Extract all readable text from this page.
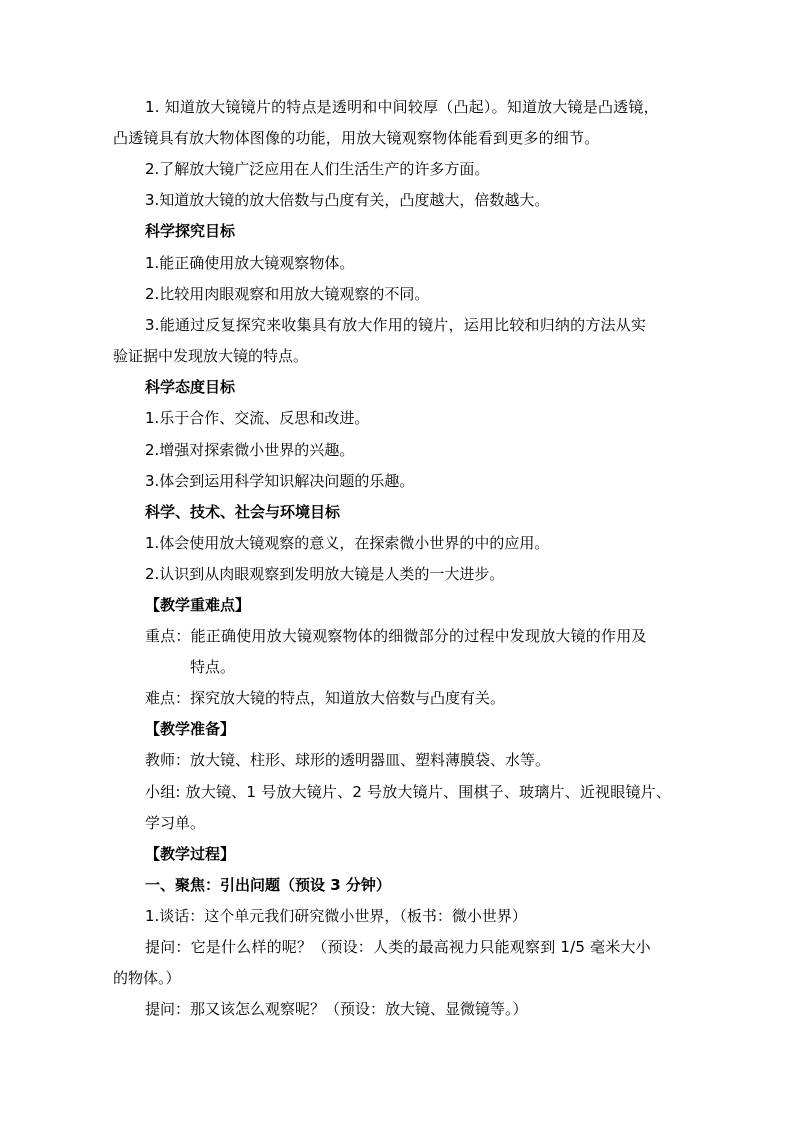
1. 知道放大镜镜片的特点是透明和中间较厚（凸起）。知道放大镜是凸透镜，
凸透镜具有放大物体图像的功能，用放大镜观察物体能看到更多的细节。
2.了解放大镜广泛应用在人们生活生产的许多方面。
3.知道放大镜的放大倍数与凸度有关，凸度越大，倍数越大。
科学探究目标
1.能正确使用放大镜观察物体。
2.比较用肉眼观察和用放大镜观察的不同。
3.能通过反复探究来收集具有放大作用的镜片，运用比较和归纳的方法从实
验证据中发现放大镜的特点。
科学态度目标
1.乐于合作、交流、反思和改进。
2.增强对探索微小世界的兴趣。
3.体会到运用科学知识解决问题的乐趣。
科学、技术、社会与环境目标
1.体会使用放大镜观察的意义，在探索微小世界的中的应用。
2.认识到从肉眼观察到发明放大镜是人类的一大进步。
【教学重难点】
重点：能正确使用放大镜观察物体的细微部分的过程中发现放大镜的作用及
特点。
难点：探究放大镜的特点，知道放大倍数与凸度有关。
【教学准备】
教师：放大镜、柱形、球形的透明器皿、塑料薄膜袋、水等。
小组: 放大镜、1 号放大镜片、2 号放大镜片、围棋子、玻璃片、近视眼镜片、
学习单。
【教学过程】
一、聚焦：引出问题（预设 3 分钟）
1.谈话：这个单元我们研究微小世界，（板书：微小世界）
提问：它是什么样的呢？（预设：人类的最高视力只能观察到 1/5 毫米大小
的物体。）
提问：那又该怎么观察呢？（预设：放大镜、显微镜等。）
